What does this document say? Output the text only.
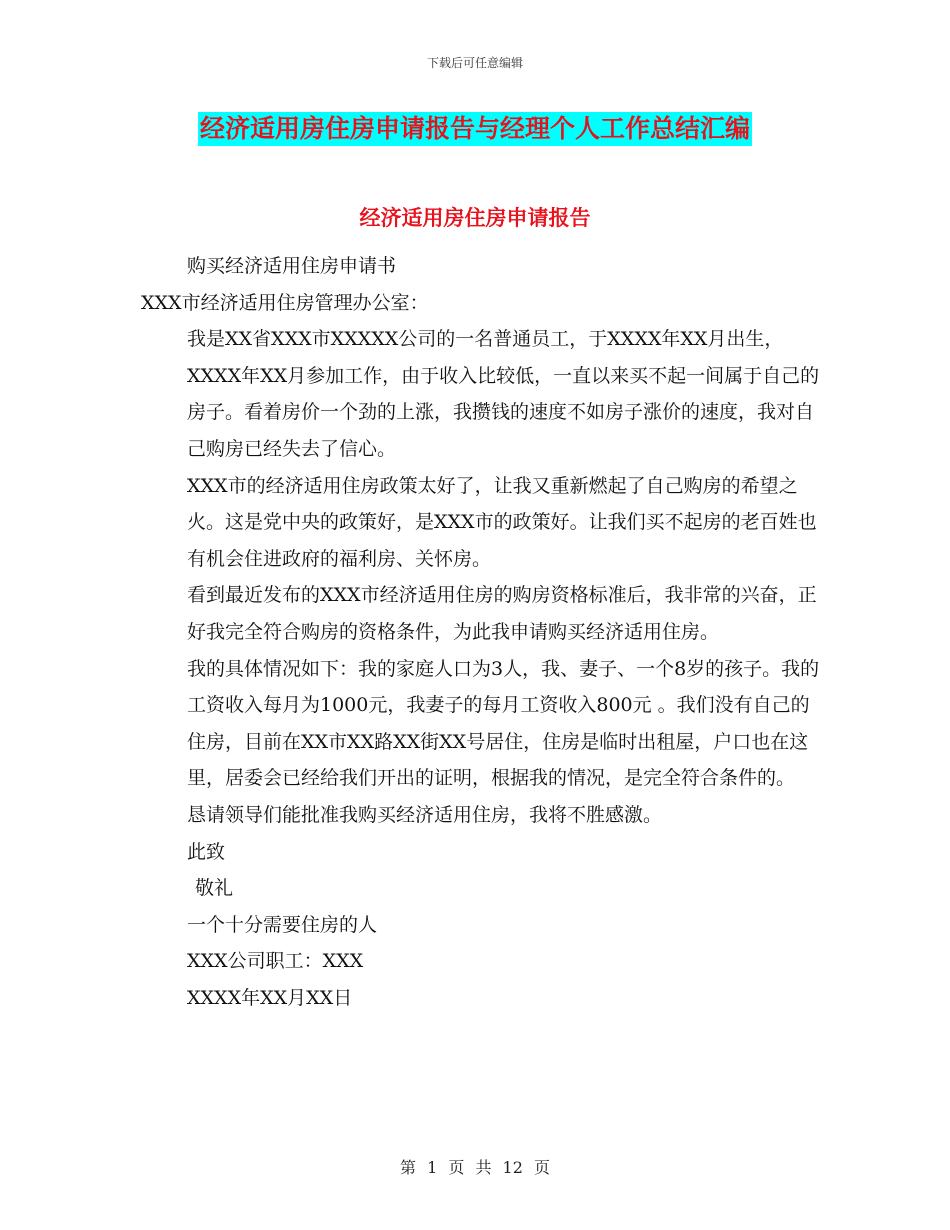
下载后可任意编辑
经济适用房住房申请报告与经理个人工作总结汇编
经济适用房住房申请报告

购买经济适用住房申请书

XXX市经济适用住房管理办公室：

我是XX省XXX市XXXXX公司的一名普通员工，于XXXX年XX月出生，XXXX年XX月参加工作，由于收入比较低，一直以来买不起一间属于自己的房子。看着房价一个劲的上涨，我攒钱的速度不如房子涨价的速度，我对自己购房已经失去了信心。

XXX市的经济适用住房政策太好了，让我又重新燃起了自己购房的希望之火。这是党中央的政策好，是XXX市的政策好。让我们买不起房的老百姓也有机会住进政府的福利房、关怀房。

看到最近发布的XXX市经济适用住房的购房资格标准后，我非常的兴奋，正好我完全符合购房的资格条件，为此我申请购买经济适用住房。

我的具体情况如下：我的家庭人口为3人，我、妻子、一个8岁的孩子。我的工资收入每月为1000元，我妻子的每月工资收入800元 。我们没有自己的住房，目前在XX市XX路XX街XX号居住，住房是临时出租屋，户口也在这里，居委会已经给我们开出的证明，根据我的情况，是完全符合条件的。

恳请领导们能批准我购买经济适用住房，我将不胜感激。

此致

敬礼

一个十分需要住房的人

XXX公司职工：XXX

XXXX年XX月XX日

第 1 页 共 12 页
